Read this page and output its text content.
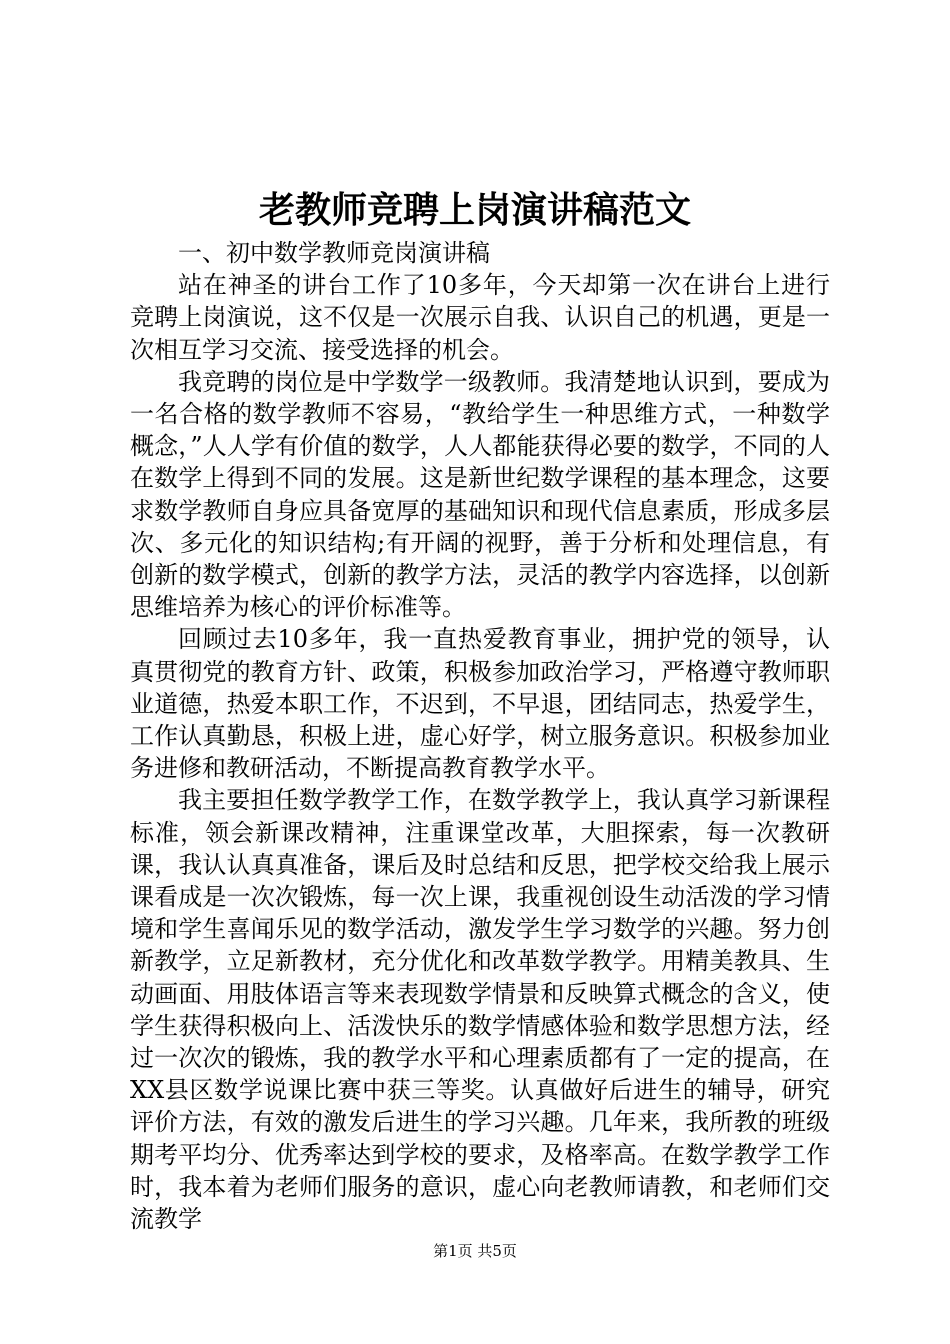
老教师竞聘上岗演讲稿范文

一、初中数学教师竞岗演讲稿

站在神圣的讲台工作了10多年，今天却第一次在讲台上进行竞聘上岗演说，这不仅是一次展示自我、认识自己的机遇，更是一次相互学习交流、接受选择的机会。

我竞聘的岗位是中学数学一级教师。我清楚地认识到，要成为一名合格的数学教师不容易，“教给学生一种思维方式，一种数学概念，”人人学有价值的数学，人人都能获得必要的数学，不同的人在数学上得到不同的发展。这是新世纪数学课程的基本理念，这要求数学教师自身应具备宽厚的基础知识和现代信息素质，形成多层次、多元化的知识结构;有开阔的视野，善于分析和处理信息，有创新的数学模式，创新的教学方法，灵活的教学内容选择，以创新思维培养为核心的评价标准等。

回顾过去10多年，我一直热爱教育事业，拥护党的领导，认真贯彻党的教育方针、政策，积极参加政治学习，严格遵守教师职业道德，热爱本职工作，不迟到，不早退，团结同志，热爱学生，工作认真勤恳，积极上进，虚心好学，树立服务意识。积极参加业务进修和教研活动，不断提高教育教学水平。

我主要担任数学教学工作，在数学教学上，我认真学习新课程标准，领会新课改精神，注重课堂改革，大胆探索，每一次教研课，我认认真真准备，课后及时总结和反思，把学校交给我上展示课看成是一次次锻炼，每一次上课，我重视创设生动活泼的学习情境和学生喜闻乐见的数学活动，激发学生学习数学的兴趣。努力创新教学，立足新教材，充分优化和改革数学教学。用精美教具、生动画面、用肢体语言等来表现数学情景和反映算式概念的含义，使学生获得积极向上、活泼快乐的数学情感体验和数学思想方法，经过一次次的锻炼，我的教学水平和心理素质都有了一定的提高，在XX县区数学说课比赛中获三等奖。认真做好后进生的辅导，研究评价方法，有效的激发后进生的学习兴趣。几年来，我所教的班级期考平均分、优秀率达到学校的要求，及格率高。在数学教学工作时，我本着为老师们服务的意识，虚心向老教师请教，和老师们交流教学

第1页 共5页
